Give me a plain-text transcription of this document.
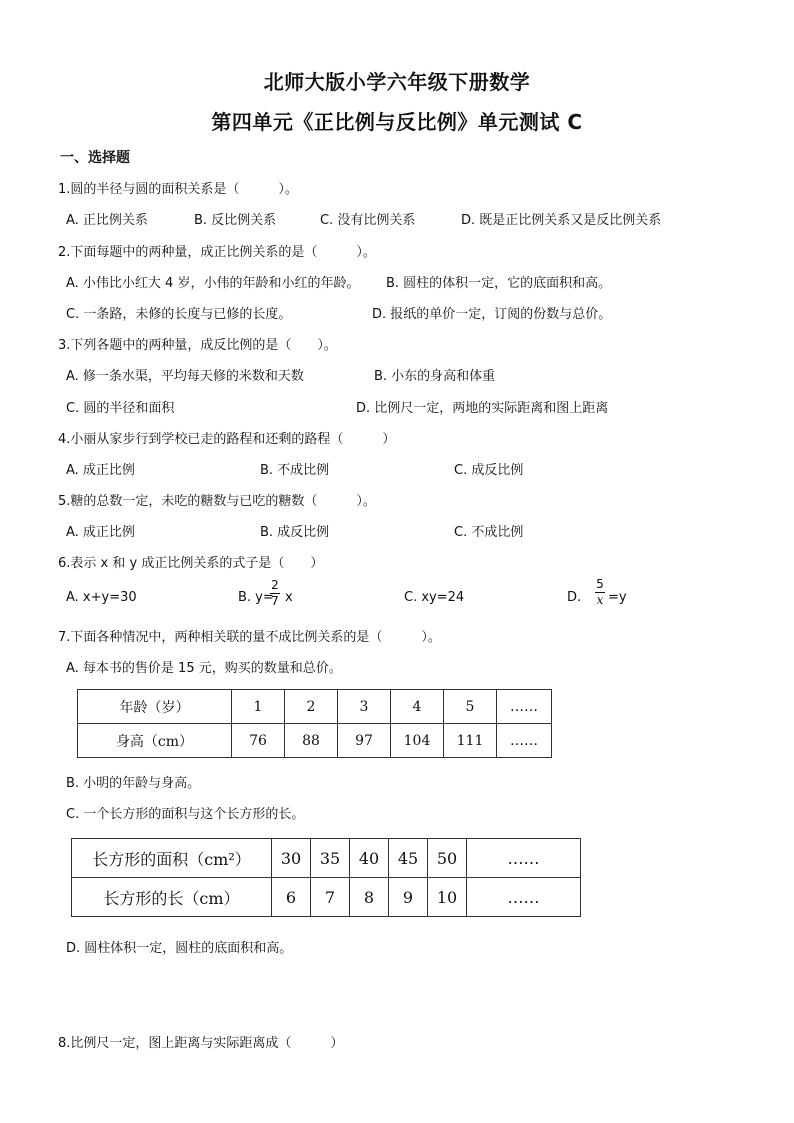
北师大版小学六年级下册数学
第四单元《正比例与反比例》单元测试 C
一、选择题
1.圆的半径与圆的面积关系是（　　　）。
A. 正比例关系	B. 反比例关系	C. 没有比例关系	D. 既是正比例关系又是反比例关系
2.下面每题中的两种量，成正比例关系的是（　　　）。
A. 小伟比小红大 4 岁，小伟的年龄和小红的年龄。 B. 圆柱的体积一定，它的底面积和高。
C. 一条路，未修的长度与已修的长度。	D. 报纸的单价一定，订阅的份数与总价。
3.下列各题中的两种量，成反比例的是（　　）。
A. 修一条水渠，平均每天修的米数和天数	B. 小东的身高和体重
C. 圆的半径和面积	D. 比例尺一定，两地的实际距离和图上距离
4.小丽从家步行到学校已走的路程和还剩的路程（　　　）
A. 成正比例	B. 不成比例	C. 成反比例
5.糖的总数一定，未吃的糖数与已吃的糖数（　　　）。
A. 成正比例	B. 成反比例	C. 不成比例
6.表示 x 和 y 成正比例关系的式子是（　　）
A. x+y=30	B. y=
2
7 x	C. xy=24	D.
5
x =y
7.下面各种情况中，两种相关联的量不成比例关系的是（　　　）。
A. 每本书的售价是 15 元，购买的数量和总价。
年龄（岁）	1	2	3	4	5	……
身高（cm）	76	88	97	104	111	……
B. 小明的年龄与身高。
C. 一个长方形的面积与这个长方形的长。
长方形的面积（cm²）	30	35	40	45	50	……
长方形的长（cm）	6	7	8	9	10	……
D. 圆柱体积一定，圆柱的底面积和高。
8.比例尺一定，图上距离与实际距离成（　　　）
